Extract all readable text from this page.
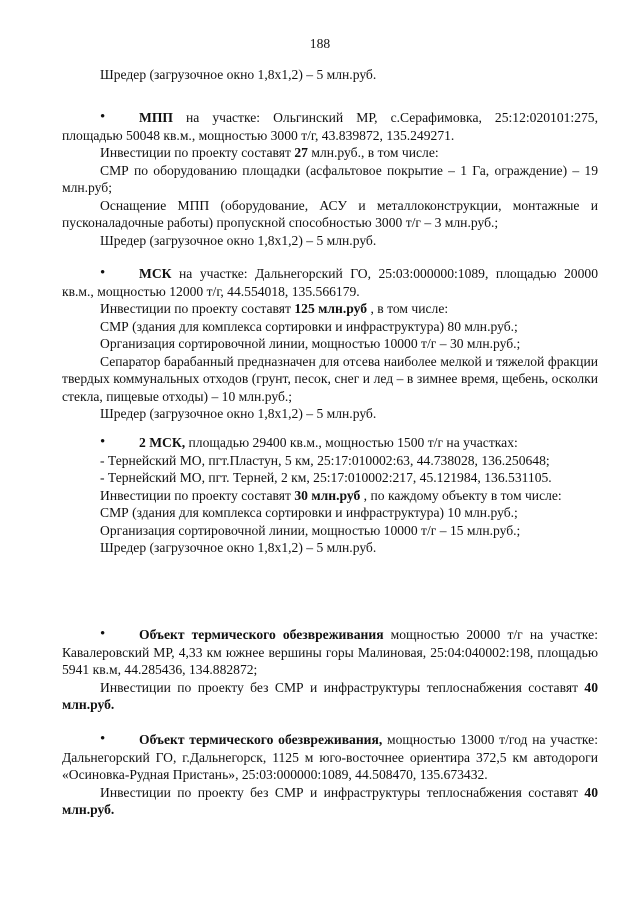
188
Шредер (загрузочное окно 1,8х1,2) – 5 млн.руб.
• МПП на участке: Ольгинский МР, с.Серафимовка, 25:12:020101:275, площадью 50048 кв.м., мощностью 3000 т/г, 43.839872, 135.249271.
Инвестиции по проекту составят 27 млн.руб., в том числе:
СМР по оборудованию площадки (асфальтовое покрытие – 1 Га, ограждение) – 19 млн.руб;
Оснащение МПП (оборудование, АСУ и металлоконструкции, монтажные и пусконаладочные работы) пропускной способностью 3000 т/г – 3 млн.руб.;
Шредер (загрузочное окно 1,8х1,2) – 5 млн.руб.
• МСК на участке: Дальнегорский ГО, 25:03:000000:1089, площадью 20000 кв.м., мощностью 12000 т/г, 44.554018, 135.566179.
Инвестиции по проекту составят 125 млн.руб , в том числе:
СМР (здания для комплекса сортировки и инфраструктура) 80 млн.руб.;
Организация сортировочной линии, мощностью 10000 т/г – 30 млн.руб.;
Сепаратор барабанный предназначен для отсева наиболее мелкой и тяжелой фракции твердых коммунальных отходов (грунт, песок, снег и лед – в зимнее время, щебень, осколки стекла, пищевые отходы) – 10 млн.руб.;
Шредер (загрузочное окно 1,8х1,2) – 5 млн.руб.
• 2 МСК, площадью 29400 кв.м., мощностью 1500 т/г на участках:
- Тернейский МО, пгт.Пластун, 5 км, 25:17:010002:63, 44.738028, 136.250648;
- Тернейский МО, пгт. Терней, 2 км, 25:17:010002:217, 45.121984, 136.531105.
Инвестиции по проекту составят 30 млн.руб , по каждому объекту в том числе:
СМР (здания для комплекса сортировки и инфраструктура) 10 млн.руб.;
Организация сортировочной линии, мощностью 10000 т/г – 15 млн.руб.;
Шредер (загрузочное окно 1,8х1,2) – 5 млн.руб.
• Объект термического обезвреживания мощностью 20000 т/г на участке: Кавалеровский МР, 4,33 км южнее вершины горы Малиновая, 25:04:040002:198, площадью 5941 кв.м, 44.285436, 134.882872;
Инвестиции по проекту без СМР и инфраструктуры теплоснабжения составят 40 млн.руб.
• Объект термического обезвреживания, мощностью 13000 т/год на участке: Дальнегорский ГО, г.Дальнегорск, 1125 м юго-восточнее ориентира 372,5 км автодороги «Осиновка-Рудная Пристань», 25:03:000000:1089, 44.508470, 135.673432.
Инвестиции по проекту без СМР и инфраструктуры теплоснабжения составят 40 млн.руб.
